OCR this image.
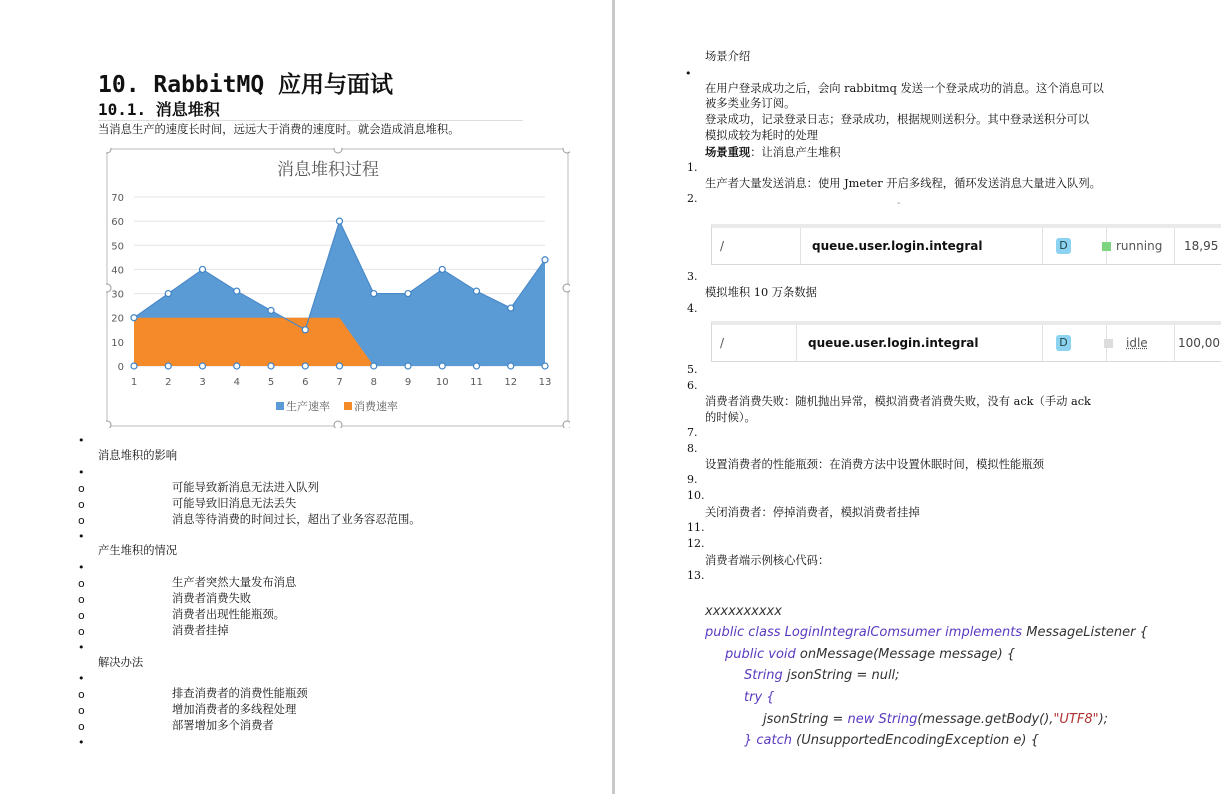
10. RabbitMQ 应用与面试
10.1. 消息堆积
当消息生产的速度长时间，远远大于消费的速度时。就会造成消息堆积。
0
10
20
30
40
50
60
70
消息堆积过程
1	2	3	4	5	6	7	8	9 10 11 12 13
生产速率 消费速率
•
消息堆积的影响
•
o	可能导致新消息无法进入队列
o	可能导致旧消息无法丢失
o	消息等待消费的时间过长，超出了业务容忍范围。
•
产生堆积的情况
•
o	生产者突然大量发布消息
o	消费者消费失败
o	消费者出现性能瓶颈。
o	消费者挂掉
•
解决办法
•
o	排查消费者的消费性能瓶颈
o	增加消费者的多线程处理
o	部署增加多个消费者
•
场景介绍
•
在用户登录成功之后，会向 rabbitmq 发送一个登录成功的消息。这个消息可以
被多类业务订阅。
登录成功，记录登录日志；登录成功，根据规则送积分。其中登录送积分可以
模拟成较为耗时的处理
场景重现：让消息产生堆积
1.
生产者大量发送消息：使用 Jmeter 开启多线程，循环发送消息大量进入队列。
2.
/	queue.user.login.integral	D	running 18,95
-
3.
模拟堆积 10 万条数据
4.
/	queue.user.login.integral	D	idle	100,00
5.
6.
消费者消费失败：随机抛出异常，模拟消费者消费失败，没有 ack（手动 ack
的时候）。
7.
8.
设置消费者的性能瓶颈：在消费方法中设置休眠时间，模拟性能瓶颈
9.
10.
关闭消费者：停掉消费者，模拟消费者挂掉
11.
12.
消费者端示例核心代码：
13.
xxxxxxxxxx
public class LoginIntegralComsumer implements MessageListener {
public void onMessage(Message message) {
String jsonString = null;
try {
jsonString = new String(message.getBody(),"UTF8");
} catch (UnsupportedEncodingException e) {
